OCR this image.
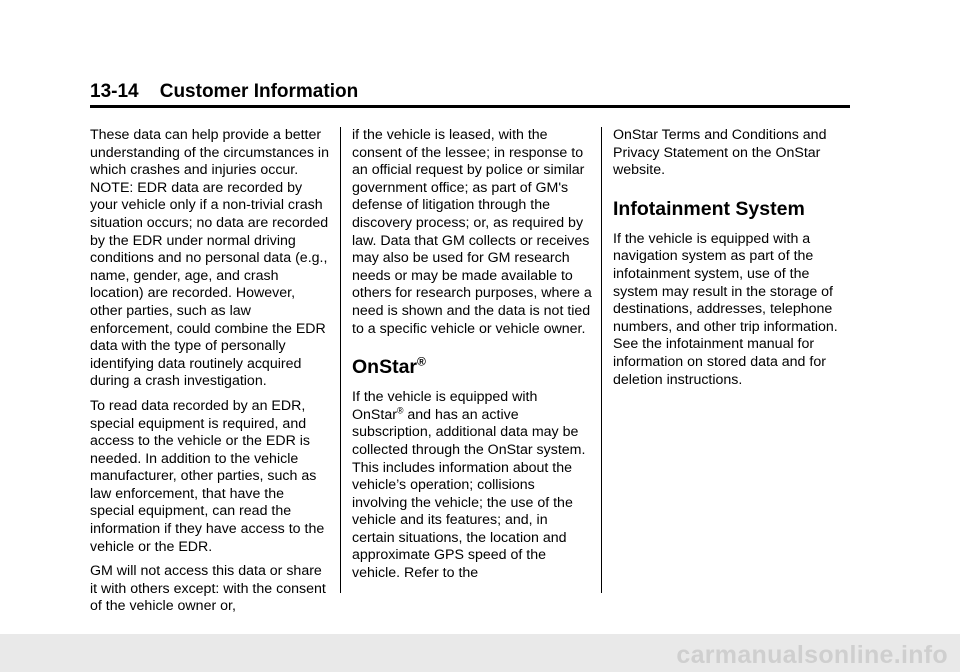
13-14 Customer Information

These data can help provide a better understanding of the circumstances in which crashes and injuries occur. NOTE: EDR data are recorded by your vehicle only if a non-trivial crash situation occurs; no data are recorded by the EDR under normal driving conditions and no personal data (e.g., name, gender, age, and crash location) are recorded. However, other parties, such as law enforcement, could combine the EDR data with the type of personally identifying data routinely acquired during a crash investigation.

To read data recorded by an EDR, special equipment is required, and access to the vehicle or the EDR is needed. In addition to the vehicle manufacturer, other parties, such as law enforcement, that have the special equipment, can read the information if they have access to the vehicle or the EDR.

GM will not access this data or share it with others except: with the consent of the vehicle owner or,

if the vehicle is leased, with the consent of the lessee; in response to an official request by police or similar government office; as part of GM's defense of litigation through the discovery process; or, as required by law. Data that GM collects or receives may also be used for GM research needs or may be made available to others for research purposes, where a need is shown and the data is not tied to a specific vehicle or vehicle owner.

OnStar®

If the vehicle is equipped with OnStar® and has an active subscription, additional data may be collected through the OnStar system. This includes information about the vehicle’s operation; collisions involving the vehicle; the use of the vehicle and its features; and, in certain situations, the location and approximate GPS speed of the vehicle. Refer to the

OnStar Terms and Conditions and Privacy Statement on the OnStar website.

Infotainment System

If the vehicle is equipped with a navigation system as part of the infotainment system, use of the system may result in the storage of destinations, addresses, telephone numbers, and other trip information. See the infotainment manual for information on stored data and for deletion instructions.

carmanualsonline.info
